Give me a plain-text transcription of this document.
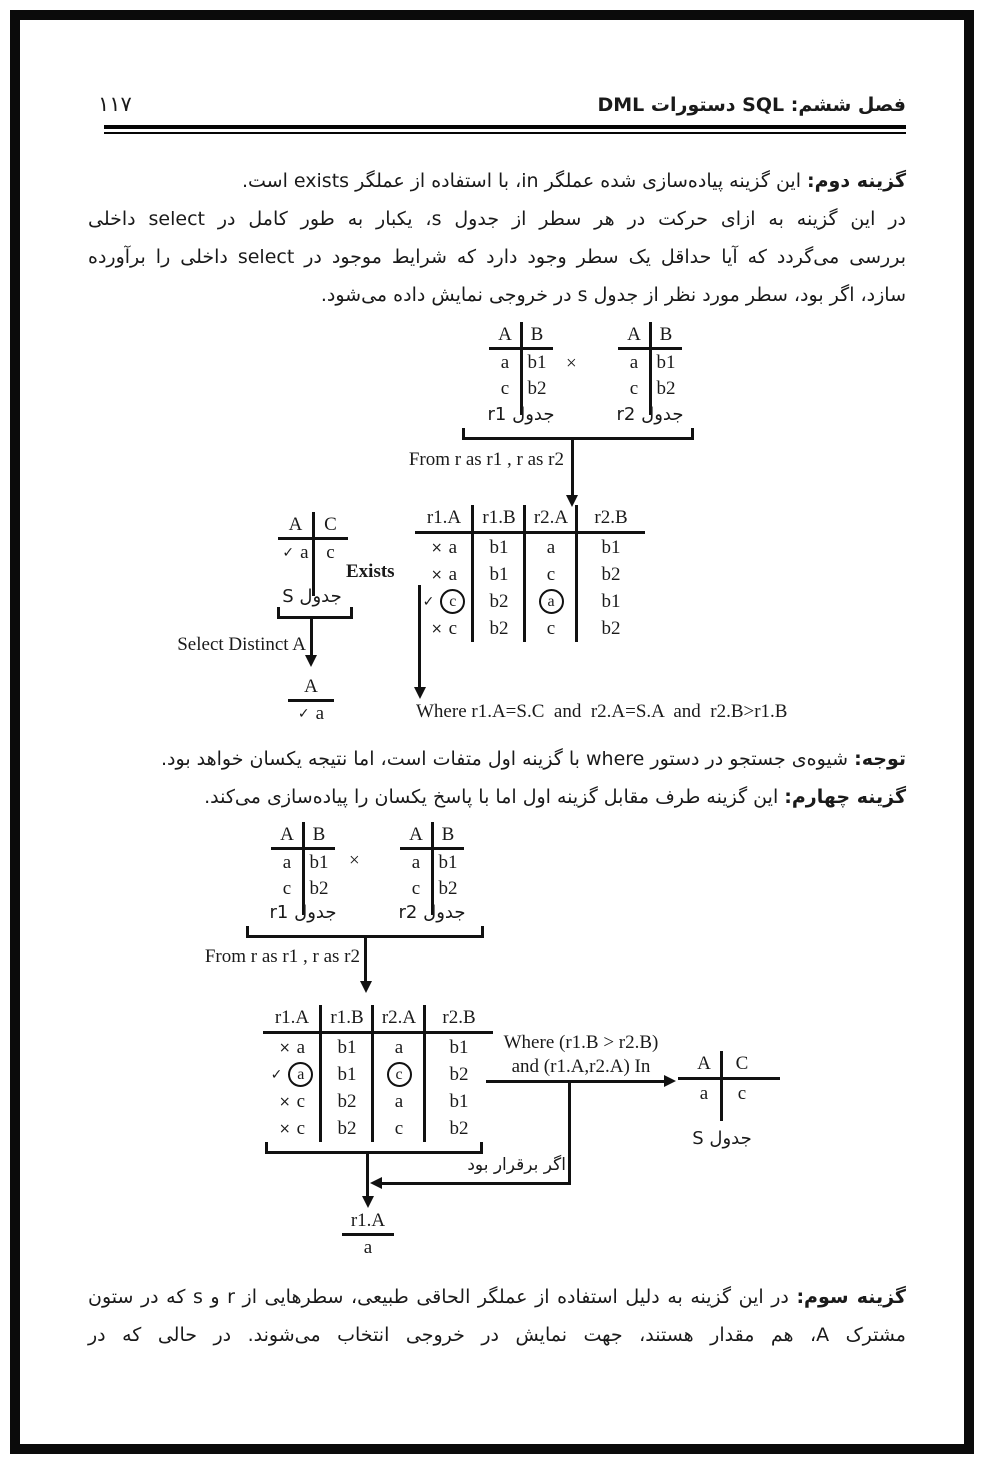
۱۱۷	فصل ششم: SQL دستورات DML
گزینه دوم: این گزینه پیاده‌سازی شده عملگر in، با استفاده از عملگر exists است.
در این گزینه به ازای حرکت در هر سطر از جدول s، یکبار به طور کامل در select داخلی
بررسی می‌گردد که آیا حداقل یک سطر وجود دارد که شرایط موجود در select داخلی را برآورده
سازد، اگر بود، سطر مورد نظر از جدول s در خروجی نمایش داده می‌شود.
A B
a b1
c b2
×
A B
a b1
c b2
جدول r1	جدول r2
From r as r1 , r as r2
r1.A	r1.B r2.A	r2.B
× a	b1	a	b1
× a	b1	c	b2
✓ c	b2	a	b1
× c	b2	c	b2
Exists
Where r1.A=S.C  and  r2.A=S.A  and  r2.B>r1.B
A	C
✓ a c
جدول S
Select Distinct A
A
✓ a
توجه: شیوه‌ی جستجو در دستور where با گزینه اول متفات است، اما نتیجه یکسان خواهد بود.
گزینه چهارم: این گزینه طرف مقابل گزینه اول اما با پاسخ یکسان را پیاده‌سازی می‌کند.
A B
a b1
c b2
×
A B
a b1
c b2
جدول r1	جدول r2
From r as r1 , r as r2
r1.A	r1.B r2.A	r2.B
× a	b1	a	b1
✓ a	b1	c	b2
× c	b2	a	b1
× c	b2	c	b2
Where (r1.B > r2.B)
and (r1.A,r2.A) In	A	C
a	c
جدول S
اگر برقرار بود
r1.A
a
گزینه سوم: در این گزینه به دلیل استفاده از عملگر الحاقی طبیعی، سطرهایی از r و s که در ستون
مشترک A، هم مقدار هستند، جهت نمایش در خروجی انتخاب می‌شوند. در حالی که در
